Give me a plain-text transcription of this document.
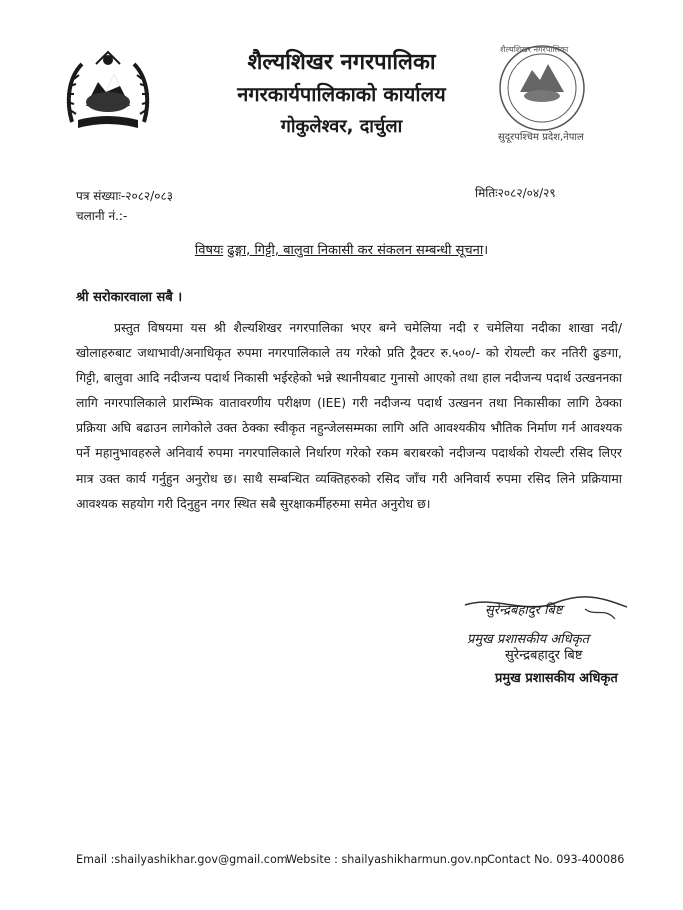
शैल्यशिखर नगरपालिका
नगरकार्यपालिकाको कार्यालय
गोकुलेश्वर, दार्चुला
शैल्यशिखर नगरपालिका
सुदूरपश्चिम प्रदेश,नेपाल
पत्र संख्याः-२०८२/०८३
चलानी नं.:-
मितिः२०८२/०४/२९
विषयः ढुङ्गा, गिट्टी, बालुवा निकासी कर संकलन सम्बन्धी सूचना।
श्री सरोकारवाला सबै ।
प्रस्तुत विषयमा यस श्री शैल्यशिखर नगरपालिका भएर बग्ने चमेलिया नदी र चमेलिया नदीका शाखा नदी/खोलाहरुबाट जथाभावी/अनाधिकृत रुपमा नगरपालिकाले तय गरेको प्रति ट्रैक्टर रु.५००/- को रोयल्टी कर नतिरी ढुङगा, गिट्टी, बालुवा आदि नदीजन्य पदार्थ निकासी भईरहेको भन्ने स्थानीयबाट गुनासो आएको तथा हाल नदीजन्य पदार्थ उत्खननका लागि नगरपालिकाले प्रारम्भिक वातावरणीय परीक्षण (IEE) गरी नदीजन्य पदार्थ उत्खनन तथा निकासीका लागि ठेक्का प्रक्रिया अघि बढाउन लागेकोले उक्त ठेक्का स्वीकृत नहुन्जेलसम्मका लागि अति आवश्यकीय भौतिक निर्माण गर्न आवश्यक पर्ने महानुभावहरुले अनिवार्य रुपमा नगरपालिकाले निर्धारण गरेको रकम बराबरको नदीजन्य पदार्थको रोयल्टी रसिद लिएर मात्र उक्त कार्य गर्नुहुन अनुरोध छ। साथै सम्बन्धित व्यक्तिहरुको रसिद जाँच गरी अनिवार्य रुपमा रसिद लिने प्रक्रियामा आवश्यक सहयोग गरी दिनुहुन नगर स्थित सबै सुरक्षाकर्मीहरुमा समेत अनुरोध छ।
सुरेन्द्रबहादुर बिष्ट
प्रमुख प्रशासकीय अधिकृत
सुरेन्द्रबहादुर बिष्ट
प्रमुख प्रशासकीय अधिकृत
Email :shailyashikhar.gov@gmail.com
Website : shailyashikharmun.gov.np Contact No. 093-400086
